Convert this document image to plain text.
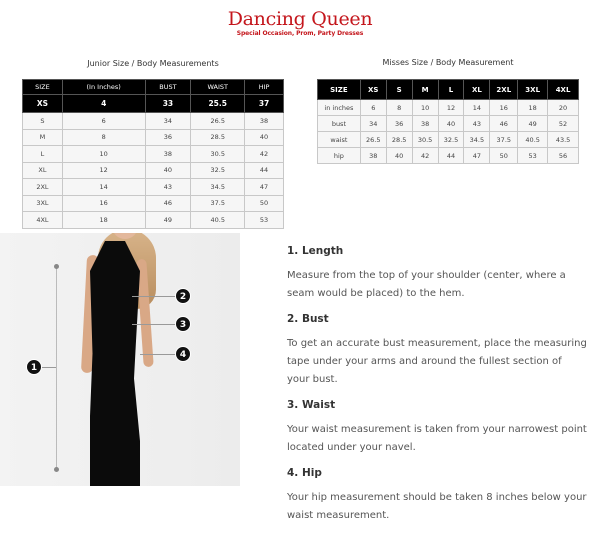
Dancing Queen
Special Occasion, Prom, Party Dresses
Junior Size / Body Measurements	Misses Size / Body Measurement
SIZE	(In Inches)	BUST	WAIST	HIP
XS	4	33	25.5	37
S	6	34	26.5	38
M	8	36	28.5	40
L	10	38	30.5	42
XL	12	40	32.5	44
2XL	14	43	34.5	47
3XL	16	46	37.5	50
4XL	18	49	40.5	53
SIZE	XS	S	M	L	XL	2XL	3XL	4XL
in inches	6	8	10	12	14	16	18	20
bust	34	36	38	40	43	46	49	52
waist	26.5	28.5	30.5	32.5	34.5	37.5	40.5	43.5
hip	38	40	42	44	47	50	53	56
1
2
3
4
1. Length
Measure from the top of your shoulder (center, where a seam would be placed) to the hem.
2. Bust
To get an accurate bust measurement, place the measuring tape under your arms and around the fullest section of your bust.
3. Waist
Your waist measurement is taken from your narrowest point located under your navel.
4. Hip
Your hip measurement should be taken 8 inches below your waist measurement.
